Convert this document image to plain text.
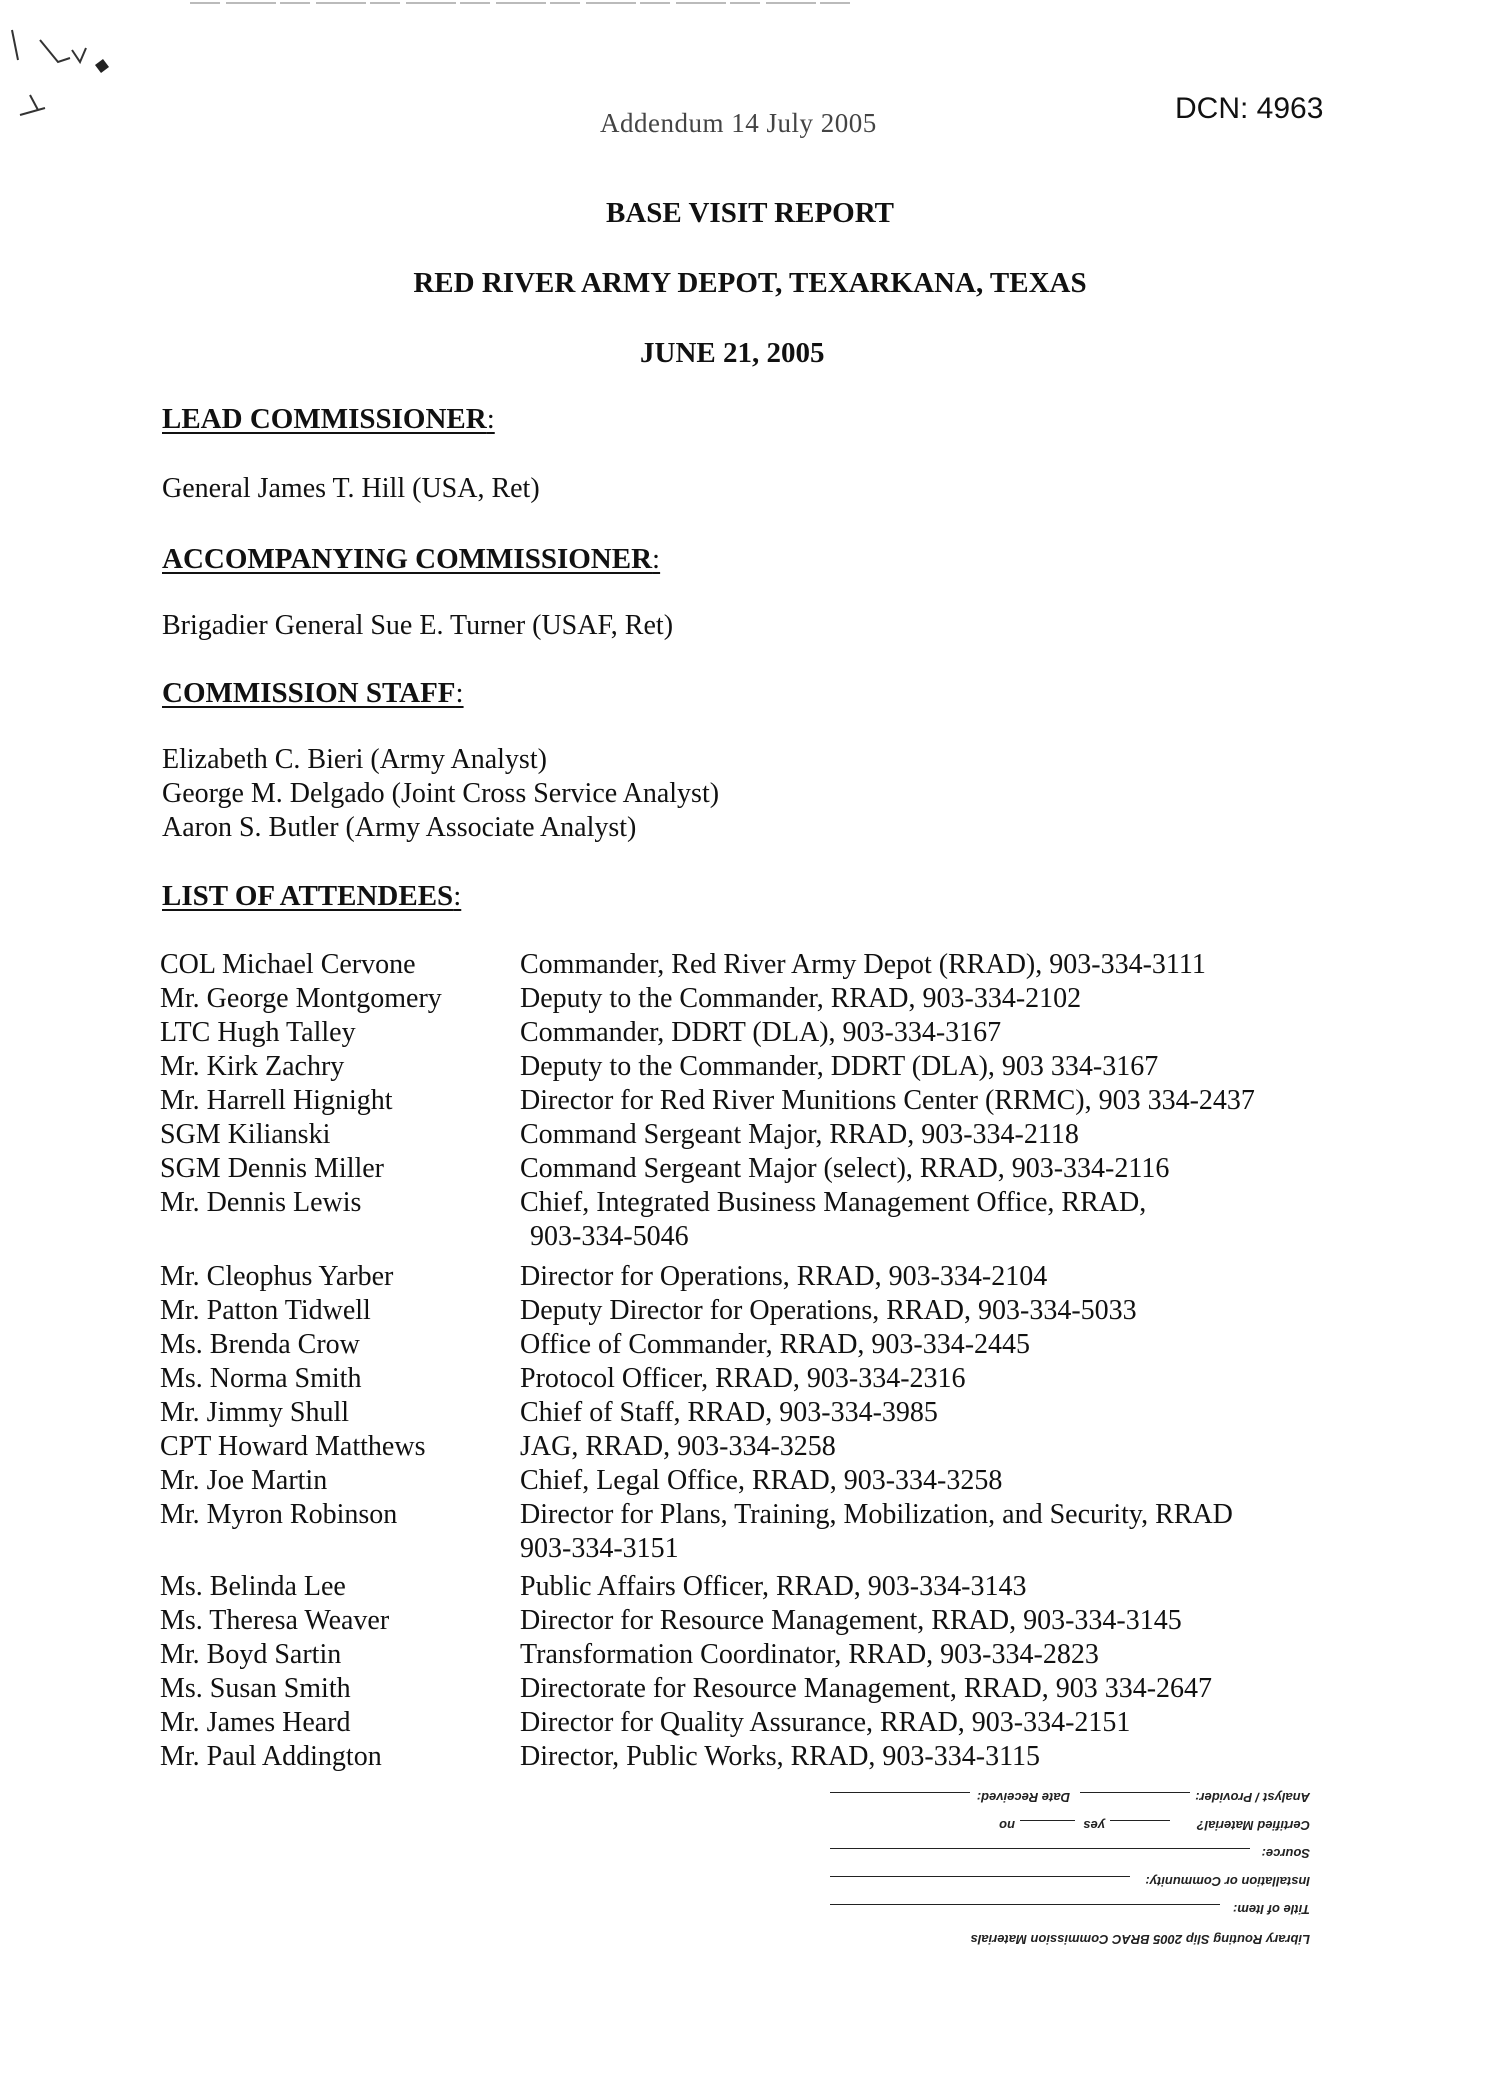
Addendum 14 July 2005	DCN: 4963
BASE VISIT REPORT
RED RIVER ARMY DEPOT, TEXARKANA, TEXAS
JUNE 21, 2005
LEAD COMMISSIONER:
General James T. Hill (USA, Ret)
ACCOMPANYING COMMISSIONER:
Brigadier General Sue E. Turner (USAF, Ret)
COMMISSION STAFF:
Elizabeth C. Bieri (Army Analyst)
George M. Delgado (Joint Cross Service Analyst)
Aaron S. Butler (Army Associate Analyst)
LIST OF ATTENDEES:
COL Michael Cervone	Commander, Red River Army Depot (RRAD), 903-334-3111
Mr. George Montgomery	Deputy to the Commander, RRAD, 903-334-2102
LTC Hugh Talley	Commander, DDRT (DLA), 903-334-3167
Mr. Kirk Zachry	Deputy to the Commander, DDRT (DLA), 903 334-3167
Mr. Harrell Hignight	Director for Red River Munitions Center (RRMC), 903 334-2437
SGM Kilianski	Command Sergeant Major, RRAD, 903-334-2118
SGM Dennis Miller	Command Sergeant Major (select), RRAD, 903-334-2116
Mr. Dennis Lewis	Chief, Integrated Business Management Office, RRAD,
903-334-5046
Mr. Cleophus Yarber	Director for Operations, RRAD, 903-334-2104
Mr. Patton Tidwell	Deputy Director for Operations, RRAD, 903-334-5033
Ms. Brenda Crow	Office of Commander, RRAD, 903-334-2445
Ms. Norma Smith	Protocol Officer, RRAD, 903-334-2316
Mr. Jimmy Shull	Chief of Staff, RRAD, 903-334-3985
CPT Howard Matthews	JAG, RRAD, 903-334-3258
Mr. Joe Martin	Chief, Legal Office, RRAD, 903-334-3258
Mr. Myron Robinson	Director for Plans, Training, Mobilization, and Security, RRAD
903-334-3151
Ms. Belinda Lee	Public Affairs Officer, RRAD, 903-334-3143
Ms. Theresa Weaver	Director for Resource Management, RRAD, 903-334-3145
Mr. Boyd Sartin	Transformation Coordinator, RRAD, 903-334-2823
Ms. Susan Smith	Directorate for Resource Management, RRAD, 903 334-2647
Mr. James Heard	Director for Quality Assurance, RRAD, 903-334-2151
Mr. Paul Addington	Director, Public Works, RRAD, 903-334-3115
Library Routing Slip 2005 BRAC Commission Materials
Title of Item:
Installation or Community:
Source:
Certified Material?
yes
no
Analyst / Provider:
Date Received:
